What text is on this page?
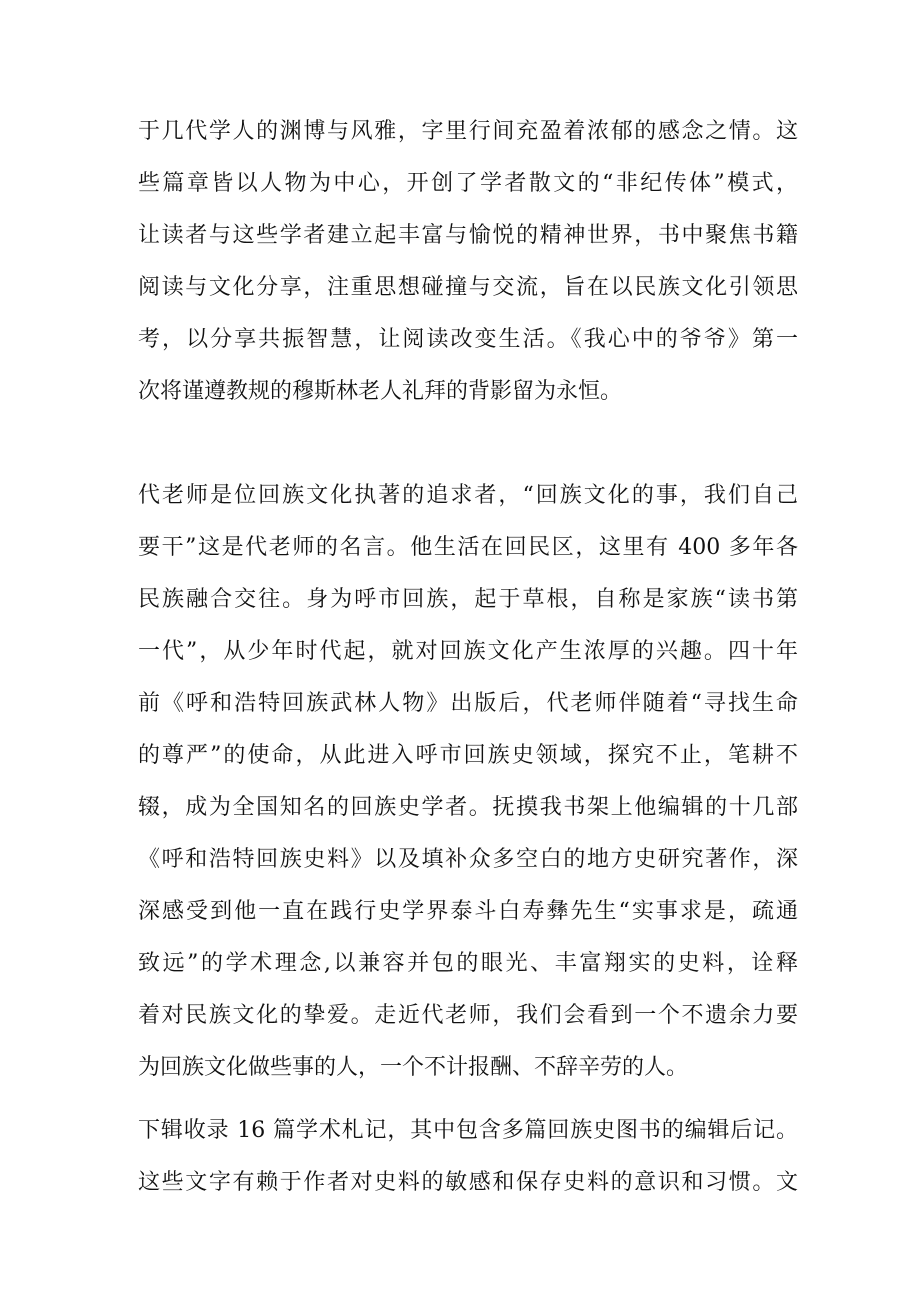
于几代学人的渊博与风雅，字里行间充盈着浓郁的感念之情。这
些篇章皆以人物为中心，开创了学者散文的“非纪传体”模式，
让读者与这些学者建立起丰富与愉悦的精神世界，书中聚焦书籍
阅读与文化分享，注重思想碰撞与交流，旨在以民族文化引领思
考，以分享共振智慧，让阅读改变生活。《我心中的爷爷》第一
次将谨遵教规的穆斯林老人礼拜的背影留为永恒。
代老师是位回族文化执著的追求者，“回族文化的事，我们自己
要干”这是代老师的名言。他生活在回民区，这里有 400 多年各
民族融合交往。身为呼市回族，起于草根，自称是家族“读书第
一代”，从少年时代起，就对回族文化产生浓厚的兴趣。四十年
前《呼和浩特回族武林人物》出版后，代老师伴随着“寻找生命
的尊严”的使命，从此进入呼市回族史领域，探究不止，笔耕不
辍，成为全国知名的回族史学者。抚摸我书架上他编辑的十几部
《呼和浩特回族史料》以及填补众多空白的地方史研究著作，深
深感受到他一直在践行史学界泰斗白寿彝先生“实事求是，疏通
致远”的学术理念,以兼容并包的眼光、丰富翔实的史料，诠释
着对民族文化的挚爱。走近代老师，我们会看到一个不遗余力要
为回族文化做些事的人，一个不计报酬、不辞辛劳的人。
下辑收录 16 篇学术札记，其中包含多篇回族史图书的编辑后记。
这些文字有赖于作者对史料的敏感和保存史料的意识和习惯。文
